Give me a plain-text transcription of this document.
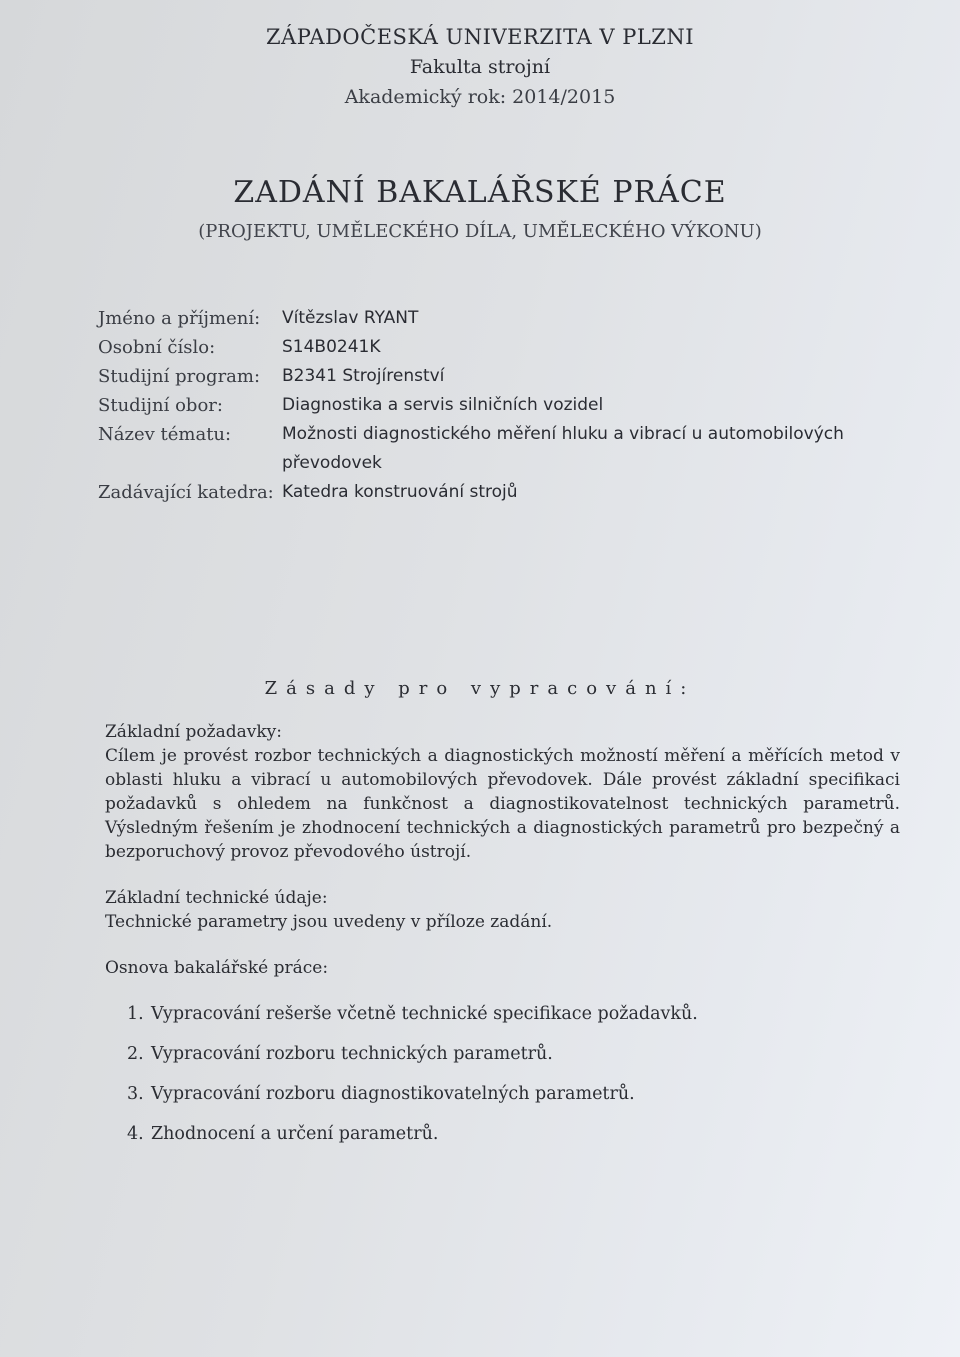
ZÁPADOČESKÁ UNIVERZITA V PLZNI
Fakulta strojní
Akademický rok: 2014/2015
ZADÁNÍ BAKALÁŘSKÉ PRÁCE
(PROJEKTU, UMĚLECKÉHO DÍLA, UMĚLECKÉHO VÝKONU)
Jméno a příjmení:	Vítězslav RYANT
Osobní číslo:	S14B0241K
Studijní program:	B2341 Strojírenství
Studijní obor:	Diagnostika a servis silničních vozidel
Název tématu:	Možnosti diagnostického měření hluku a vibrací u automobilových převodovek
Zadávající katedra: Katedra konstruování strojů
Zásady pro vypracování:

Základní požadavky:

Cílem je provést rozbor technických a diagnostických možností měření a měřících metod v oblasti hluku a vibrací u automobilových převodovek. Dále provést základní specifikaci požadavků s ohledem na funkčnost a diagnostikovatelnost technických parametrů. Výsledným řešením je zhodnocení technických a diagnostických parametrů pro bezpečný a bezporuchový provoz převodového ústrojí.

Základní technické údaje:

Technické parametry jsou uvedeny v příloze zadání.

Osnova bakalářské práce:

1. Vypracování rešerše včetně technické specifikace požadavků.
2. Vypracování rozboru technických parametrů.
3. Vypracování rozboru diagnostikovatelných parametrů.
4. Zhodnocení a určení parametrů.
